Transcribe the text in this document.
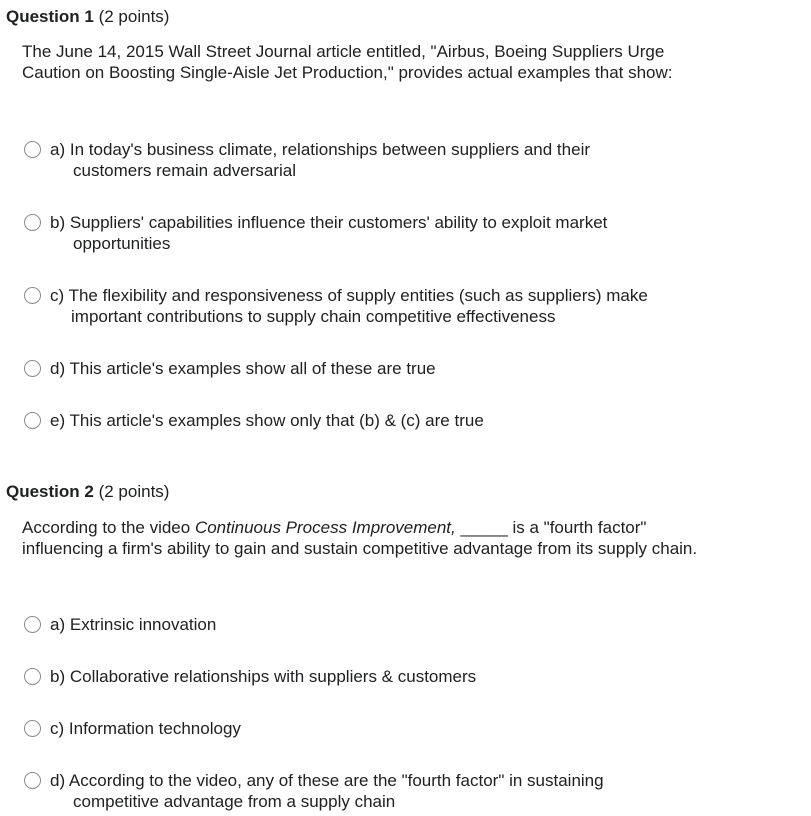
Question 1 (2 points)
The June 14, 2015 Wall Street Journal article entitled, "Airbus, Boeing Suppliers Urge Caution on Boosting Single-Aisle Jet Production," provides actual examples that show:
a) In today's business climate, relationships between suppliers and their
customers remain adversarial
b) Suppliers' capabilities influence their customers' ability to exploit market
opportunities
c) The flexibility and responsiveness of supply entities (such as suppliers) make
important contributions to supply chain competitive effectiveness
d) This article's examples show all of these are true
e) This article's examples show only that (b) & (c) are true
Question 2 (2 points)
According to the video Continuous Process Improvement, _____ is a "fourth factor" influencing a firm's ability to gain and sustain competitive advantage from its supply chain.
a) Extrinsic innovation
b) Collaborative relationships with suppliers & customers
c) Information technology
d) According to the video, any of these are the "fourth factor" in sustaining
competitive advantage from a supply chain
